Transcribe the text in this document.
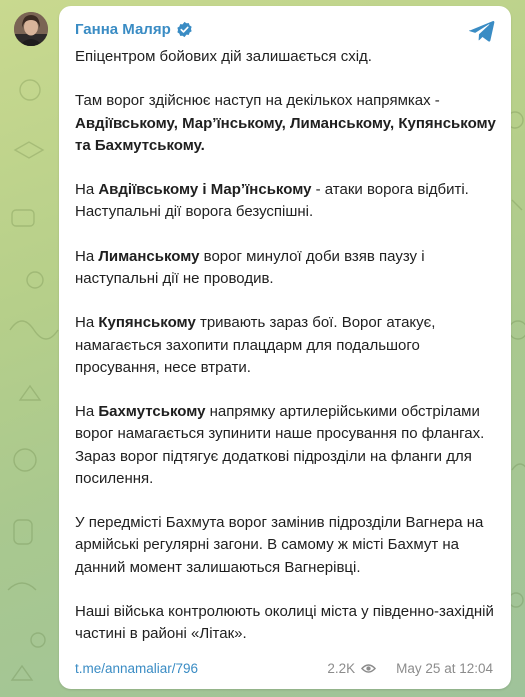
Ганна Маляр

Епіцентром бойових дій залишається схід.

Там ворог здійснює наступ на декількох напрямках - Авдіївському, Мар’їнському, Лиманському, Купянському та Бахмутському.

На Авдіївському і Мар’їнському - атаки ворога відбиті. Наступальні дії ворога безуспішні.

На Лиманському ворог минулої доби взяв паузу і наступальні дії не проводив.

На Купянському тривають зараз бої. Ворог атакує, намагається захопити плацдарм для подальшого просування, несе втрати.

На Бахмутському напрямку артилерійськими обстрілами ворог намагається зупинити наше просування по флангах.
Зараз ворог підтягує додаткові підрозділи на фланги для посилення.

У передмісті Бахмута ворог замінив підрозділи Вагнера на армійські регулярні загони. В самому ж місті Бахмут на данний момент залишаються Вагнерівці.

Наші війська контролюють околиці міста у південно-західній частині в районі «Літак».

t.me/annamaliar/796	2.2K	May 25 at 12:04
